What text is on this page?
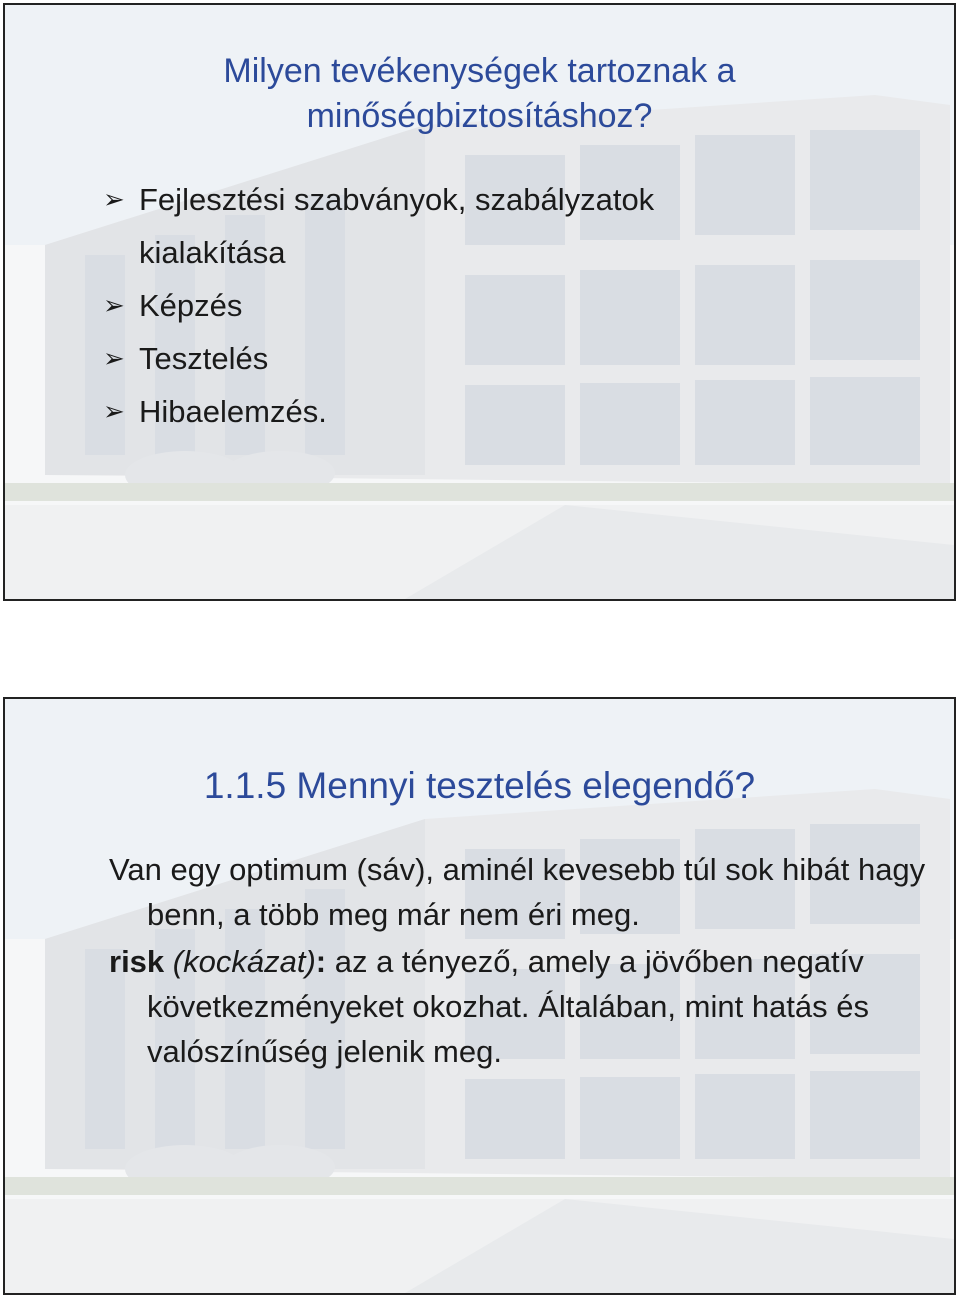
Milyen tevékenységek tartoznak a
minőségbiztosításhoz?
➢ Fejlesztési szabványok, szabályzatok
kialakítása
➢ Képzés
➢ Tesztelés
➢ Hibaelemzés.
1.1.5 Mennyi tesztelés elegendő?

Van egy optimum (sáv), aminél kevesebb túl sok hibát hagy benn, a több meg már nem éri meg.

risk (kockázat): az a tényező, amely a jövőben negatív következményeket okozhat. Általában, mint hatás és valószínűség jelenik meg.
